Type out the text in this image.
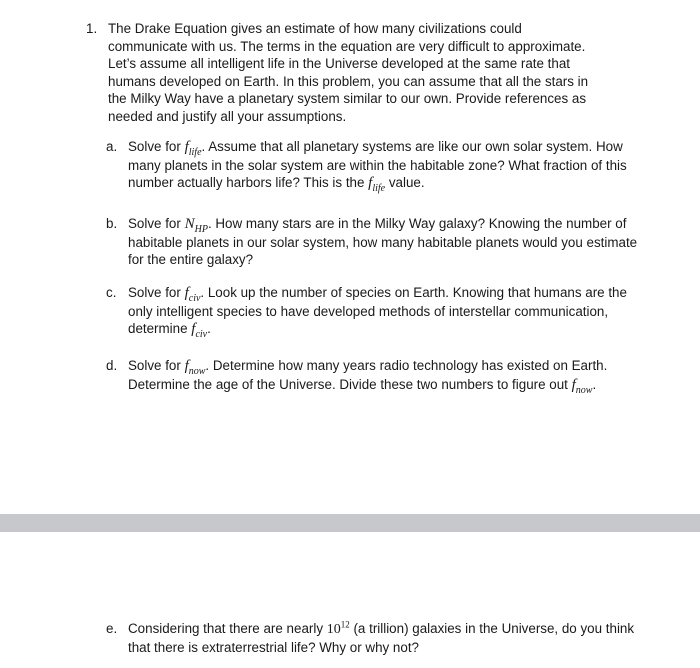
1. The Drake Equation gives an estimate of how many civilizations could
communicate with us. The terms in the equation are very difficult to approximate.
Let’s assume all intelligent life in the Universe developed at the same rate that
humans developed on Earth. In this problem, you can assume that all the stars in
the Milky Way have a planetary system similar to our own. Provide references as
needed and justify all your assumptions.
a. Solve for $f_{life}$. Assume that all planetary systems are like our own solar system. How many planets in the solar system are within the habitable zone? What fraction of this number actually harbors life? This is the $f_{life}$ value.
b. Solve for $N_{HP}$. How many stars are in the Milky Way galaxy? Knowing the number of habitable planets in our solar system, how many habitable planets would you estimate for the entire galaxy?
c. Solve for $f_{civ}$. Look up the number of species on Earth. Knowing that humans are the only intelligent species to have developed methods of interstellar communication, determine $f_{civ}$.
d. Solve for $f_{now}$. Determine how many years radio technology has existed on Earth. Determine the age of the Universe. Divide these two numbers to figure out $f_{now}$.
e. Considering that there are nearly $10^{12}$ (a trillion) galaxies in the Universe, do you think that there is extraterrestrial life? Why or why not?
